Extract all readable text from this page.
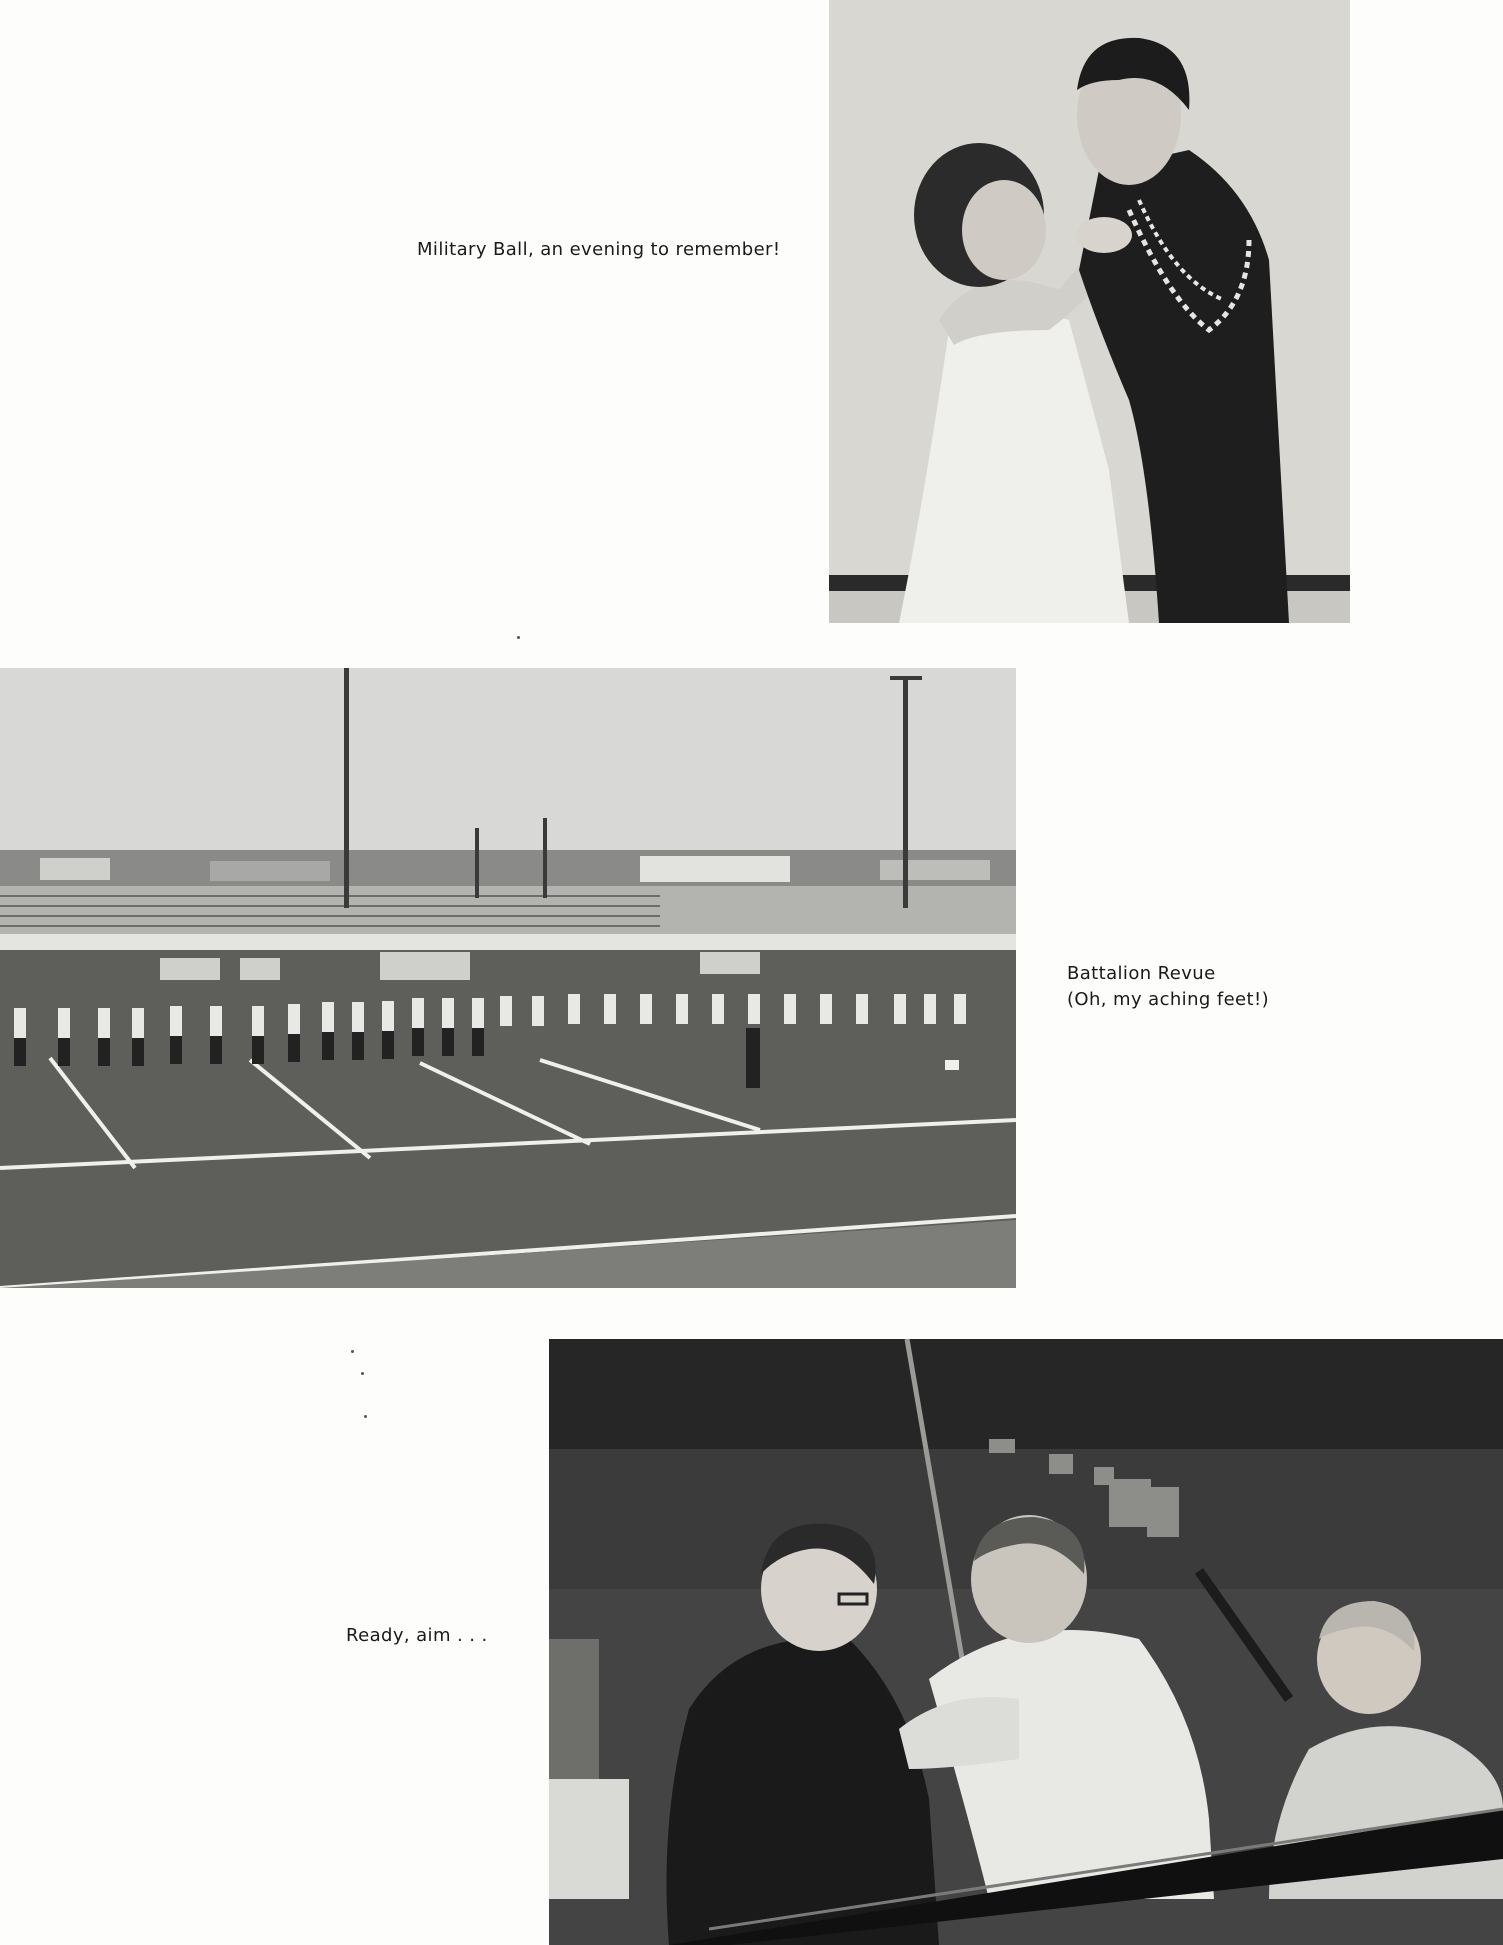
Military Ball, an evening to remember!
Battalion Revue
(Oh, my aching feet!)
Ready, aim . . .
